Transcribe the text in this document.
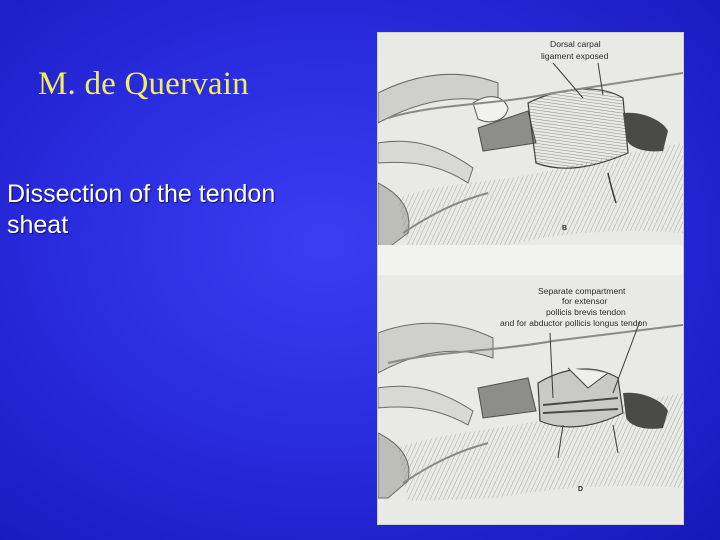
M. de Quervain
Dissection of the tendon
sheat
Dorsal carpal
ligament exposed
B
Separate compartment
for extensor
pollicis brevis tendon
and for abductor pollicis longus tendon
D
